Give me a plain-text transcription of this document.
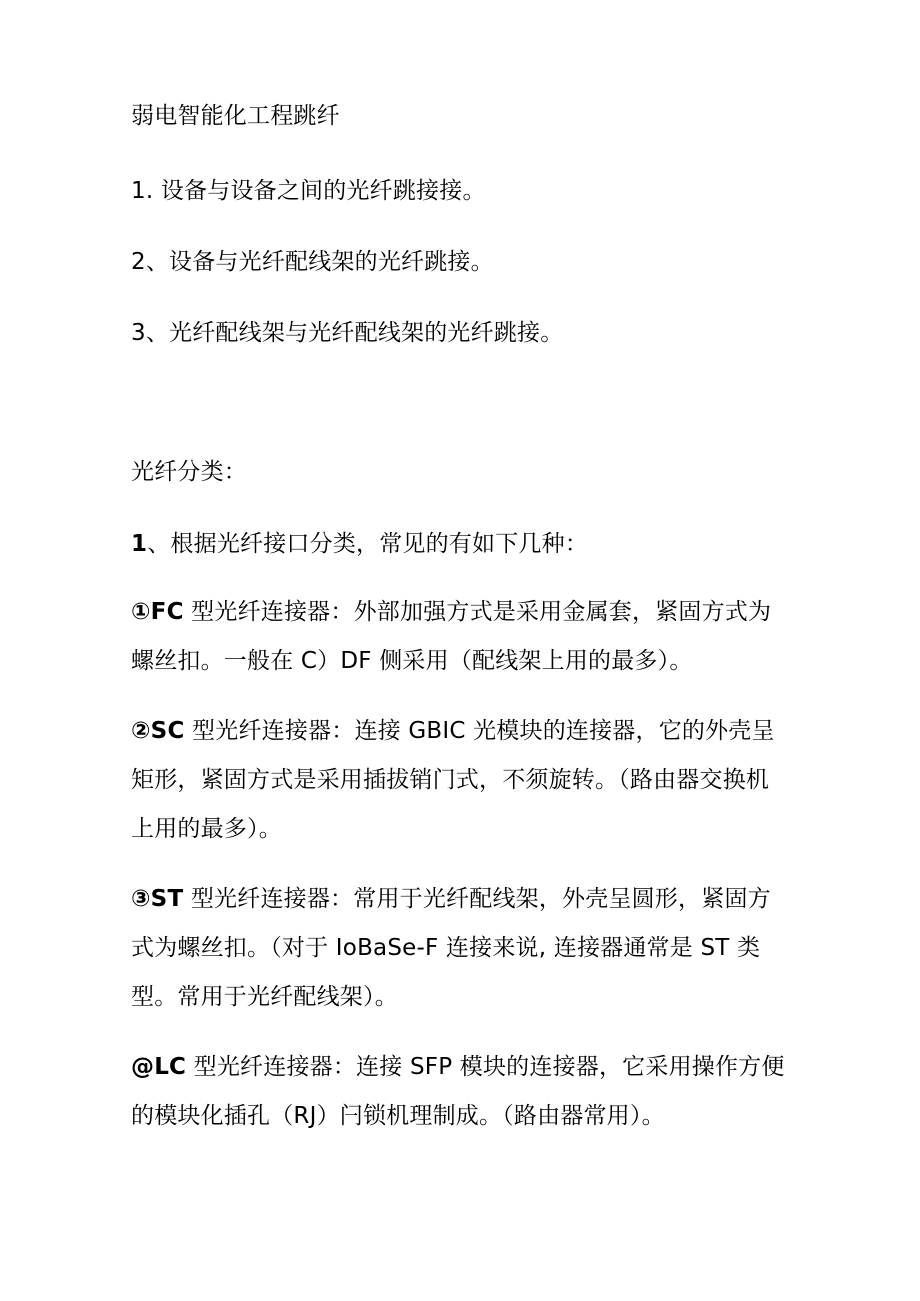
弱电智能化工程跳纤
1. 设备与设备之间的光纤跳接接。
2、设备与光纤配线架的光纤跳接。
3、光纤配线架与光纤配线架的光纤跳接。
光纤分类：
1、根据光纤接口分类，常见的有如下几种：
①FC 型光纤连接器：外部加强方式是采用金属套，紧固方式为
螺丝扣。一般在 C）DF 侧采用（配线架上用的最多）。
②SC 型光纤连接器：连接 GBIC 光模块的连接器，它的外壳呈
矩形，紧固方式是采用插拔销门式，不须旋转。（路由器交换机
上用的最多）。
③ST 型光纤连接器：常用于光纤配线架，外壳呈圆形，紧固方
式为螺丝扣。（对于 IoBaSe-F 连接来说, 连接器通常是 ST 类
型。常用于光纤配线架）。
@LC 型光纤连接器：连接 SFP 模块的连接器，它采用操作方便
的模块化插孔（RJ）闩锁机理制成。（路由器常用）。
